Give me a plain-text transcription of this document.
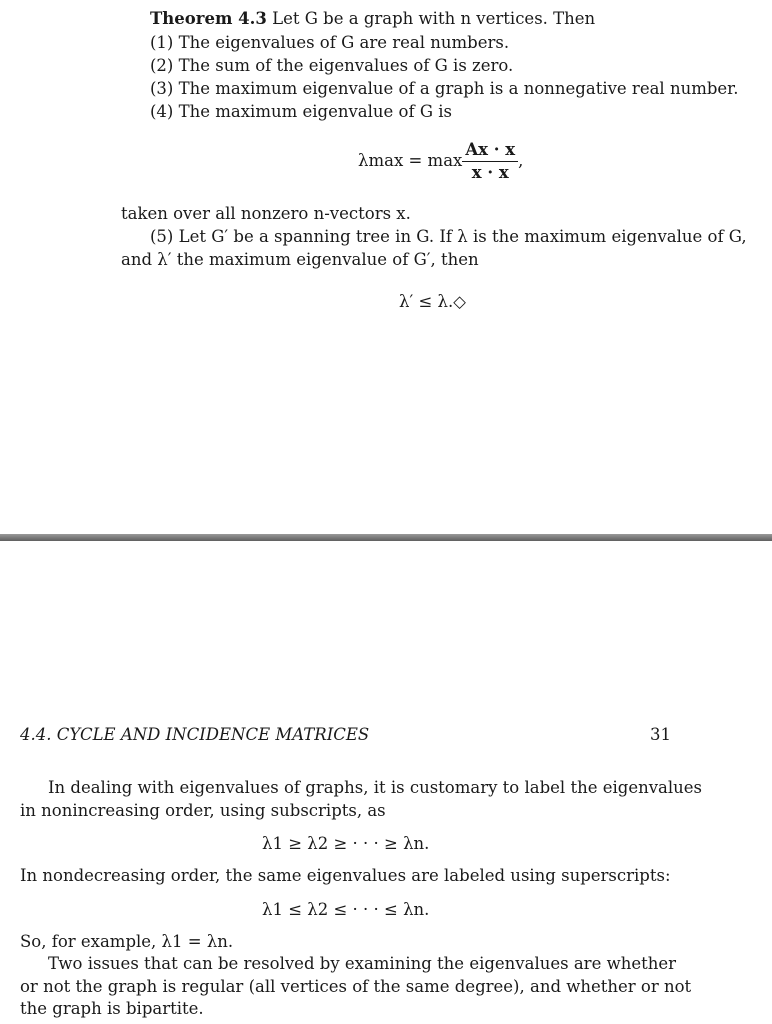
Theorem 4.3 Let G be a graph with n vertices. Then
(1) The eigenvalues of G are real numbers.
(2) The sum of the eigenvalues of G is zero.
(3) The maximum eigenvalue of a graph is a nonnegative real number.
(4) The maximum eigenvalue of G is
$\lambda\max = \max \frac{Ax \cdot x}{x \cdot x}$ ,
taken over all nonzero n-vectors x.
(5) Let G′ be a spanning tree in G. If λ is the maximum eigenvalue of G,
and λ′ the maximum eigenvalue of G′, then
λ′ ≤ λ.◇
4.4. CYCLE AND INCIDENCE MATRICES	31
In dealing with eigenvalues of graphs, it is customary to label the eigenvalues
in nonincreasing order, using subscripts, as
λ1 ≥ λ2 ≥ · · · ≥ λn.
In nondecreasing order, the same eigenvalues are labeled using superscripts:
λ1 ≤ λ2 ≤ · · · ≤ λn.
So, for example, λ1 = λn.
Two issues that can be resolved by examining the eigenvalues are whether
or not the graph is regular (all vertices of the same degree), and whether or not
the graph is bipartite.
